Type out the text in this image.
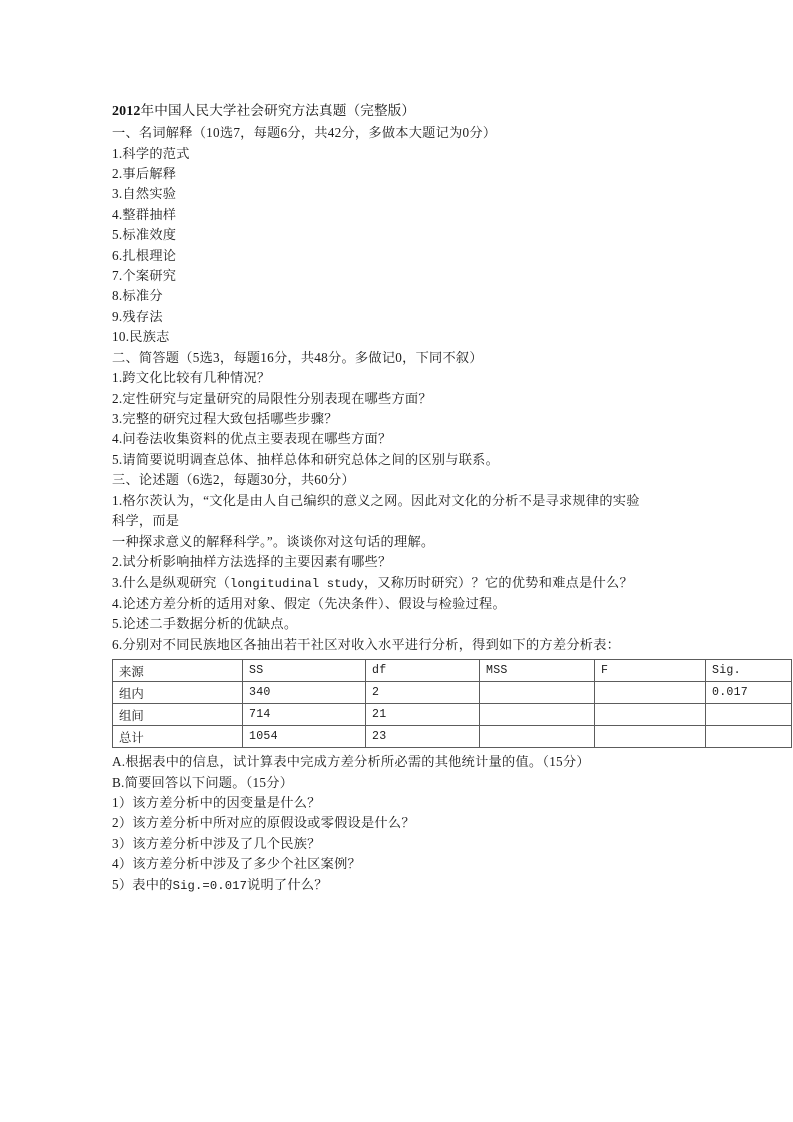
2012年中国人民大学社会研究方法真题（完整版）
一、名词解释（10选7，每题6分，共42分，多做本大题记为0分）
1.科学的范式
2.事后解释
3.自然实验
4.整群抽样
5.标准效度
6.扎根理论
7.个案研究
8.标准分
9.残存法
10.民族志
二、简答题（5选3，每题16分，共48分。多做记0，下同不叙）
1.跨文化比较有几种情况？
2.定性研究与定量研究的局限性分别表现在哪些方面？
3.完整的研究过程大致包括哪些步骤？
4.问卷法收集资料的优点主要表现在哪些方面？
5.请简要说明调查总体、抽样总体和研究总体之间的区别与联系。
三、论述题（6选2，每题30分，共60分）
1.格尔茨认为，“文化是由人自己编织的意义之网。因此对文化的分析不是寻求规律的实验
科学，而是
一种探求意义的解释科学。”。谈谈你对这句话的理解。
2.试分析影响抽样方法选择的主要因素有哪些？
3.什么是纵观研究（longitudinal study，又称历时研究）？它的优势和难点是什么？
4.论述方差分析的适用对象、假定（先决条件）、假设与检验过程。
5.论述二手数据分析的优缺点。
6.分别对不同民族地区各抽出若干社区对收入水平进行分析，得到如下的方差分析表：
来源	SS	df	MSS	F	Sig.
组内	340	2			0.017
组间	714	21			
总计	1054	23			
A.根据表中的信息，试计算表中完成方差分析所必需的其他统计量的值。（15分）
B.简要回答以下问题。（15分）
1）该方差分析中的因变量是什么？
2）该方差分析中所对应的原假设或零假设是什么？
3）该方差分析中涉及了几个民族？
4）该方差分析中涉及了多少个社区案例？
5）表中的Sig.=0.017说明了什么？
